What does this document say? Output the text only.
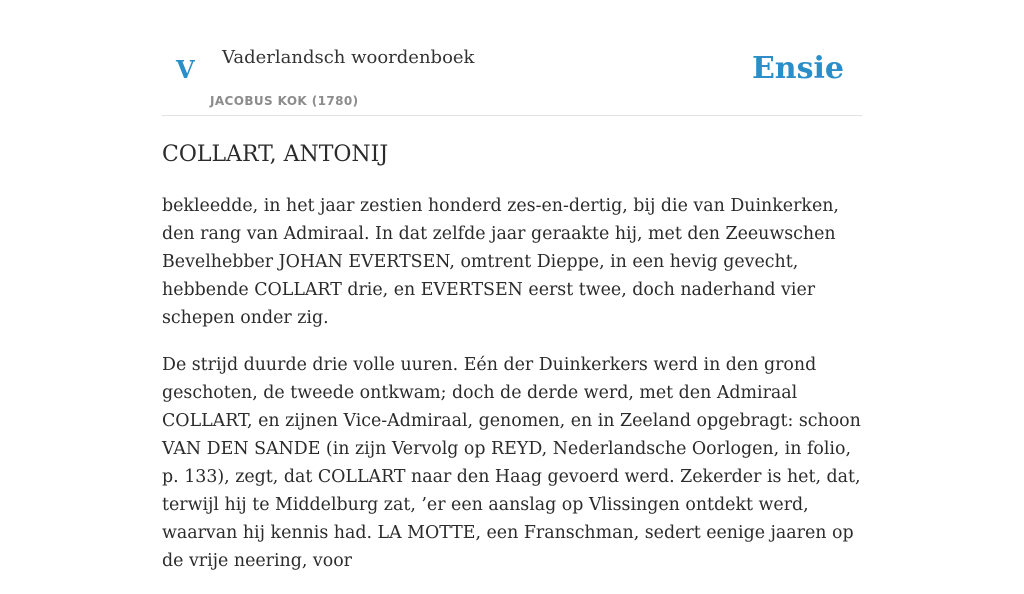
V Vaderlandsch woordenboek
JACOBUS KOK (1780)
Ensie
COLLART, ANTONIJ

bekleedde, in het jaar zestien honderd zes-en-dertig, bij die van Duinkerken, den rang van Admiraal. In dat zelfde jaar geraakte hij, met den Zeeuwschen Bevelhebber JOHAN EVERTSEN, omtrent Dieppe, in een hevig gevecht, hebbende COLLART drie, en EVERTSEN eerst twee, doch naderhand vier schepen onder zig.

De strijd duurde drie volle uuren. Eén der Duinkerkers werd in den grond geschoten, de tweede ontkwam; doch de derde werd, met den Admiraal COLLART, en zijnen Vice-Admiraal, genomen, en in Zeeland opgebragt: schoon VAN DEN SANDE (in zijn Vervolg op REYD, Nederlandsche Oorlogen, in folio, p. 133), zegt, dat COLLART naar den Haag gevoerd werd. Zekerder is het, dat, terwijl hij te Middelburg zat, ’er een aanslag op Vlissingen ontdekt werd, waarvan hij kennis had. LA MOTTE, een Franschman, sedert eenige jaaren op de vrije neering, voor
